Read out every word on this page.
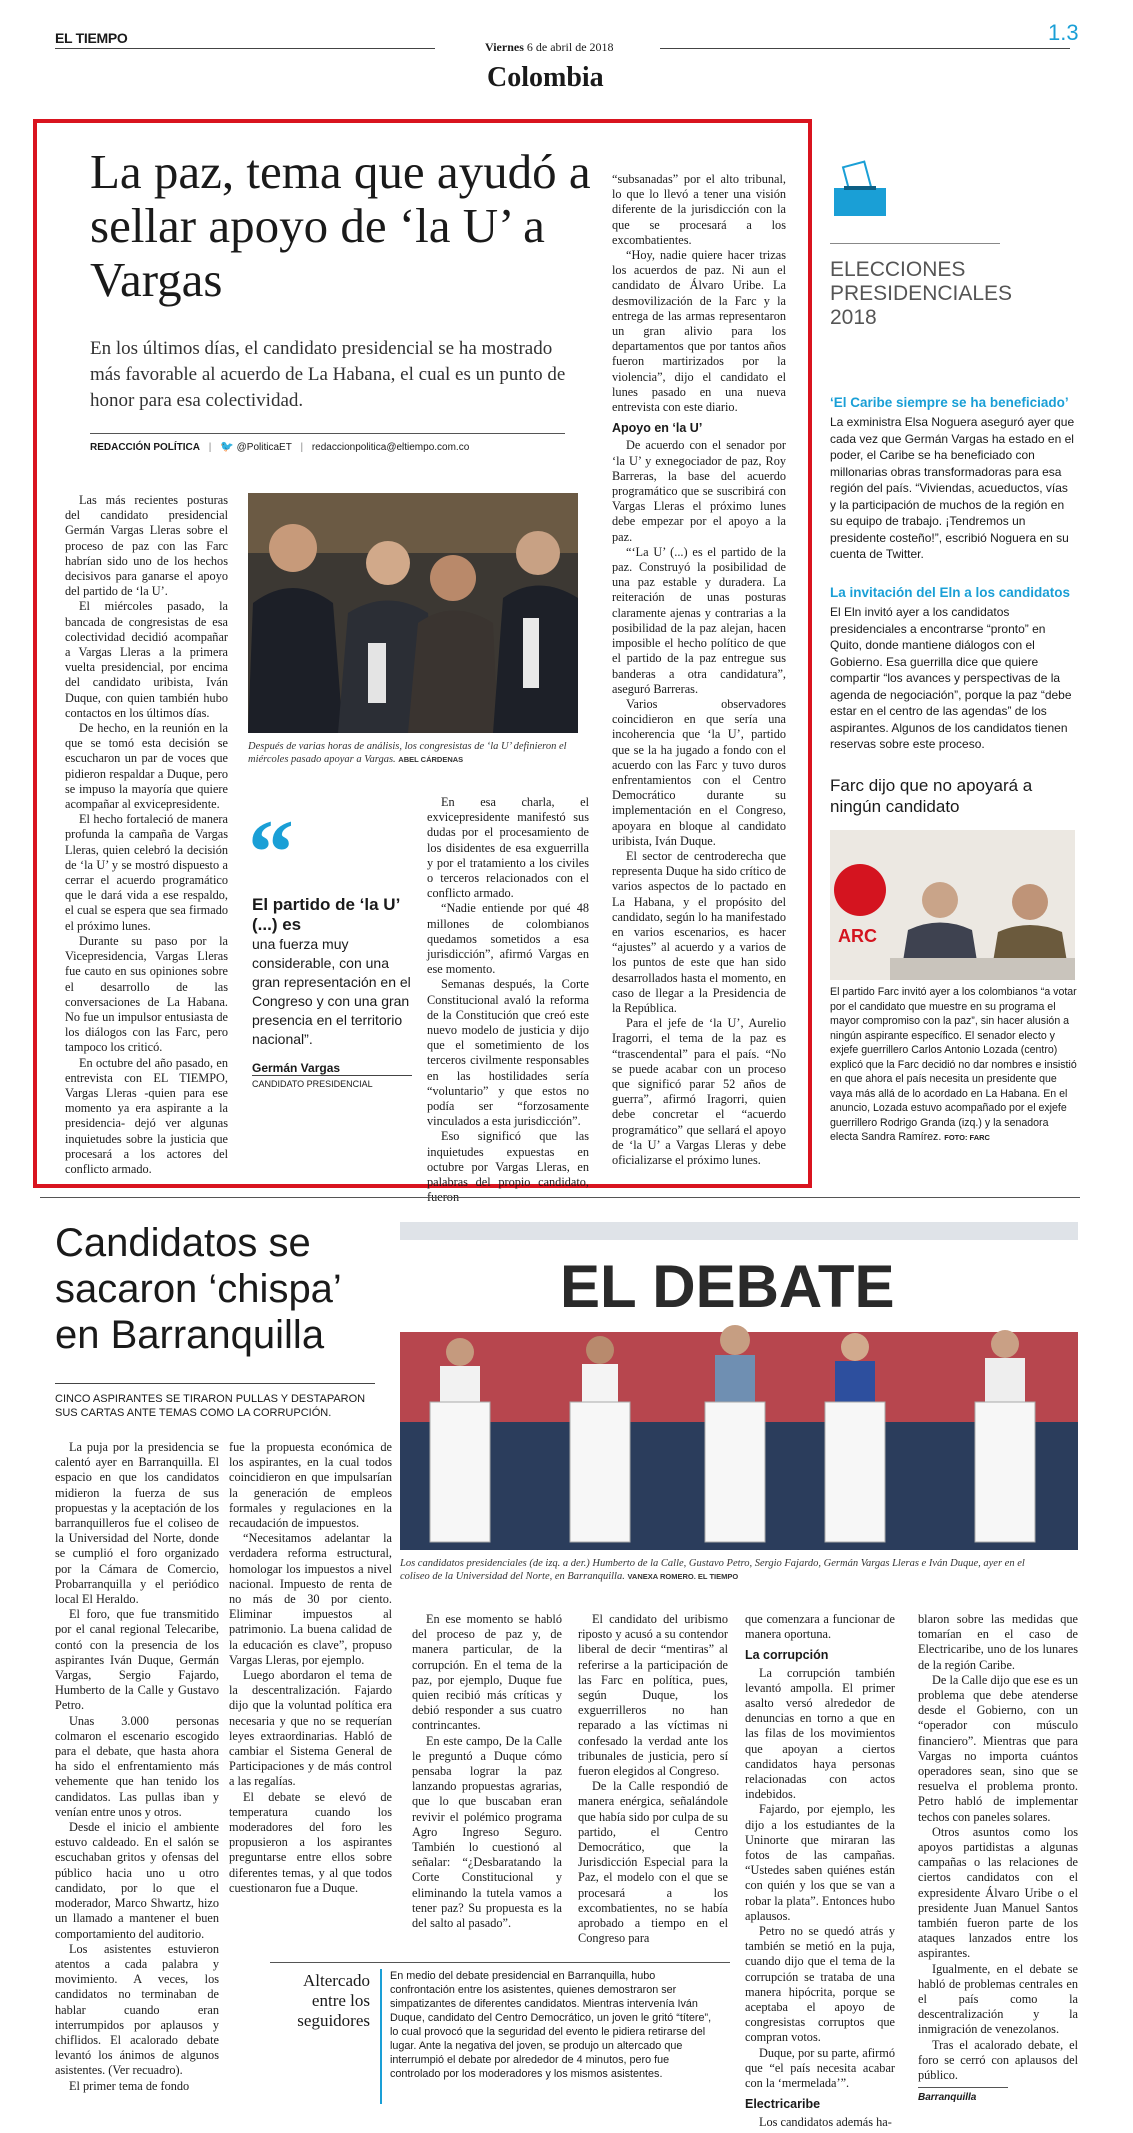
EL TIEMPO
Viernes 6 de abril de 2018
1.3
Colombia
La paz, tema que ayudó a sellar apoyo de ‘la U’ a Vargas

En los últimos días, el candidato presidencial se ha mostrado más favorable al acuerdo de La Habana, el cual es un punto de honor para esa colectividad.

REDACCIÓN POLÍTICA | 🐦 @PoliticaET | redaccionpolitica@eltiempo.com.co

Las más recientes posturas del candidato presidencial Germán Vargas Lleras sobre el proceso de paz con las Farc habrían sido uno de los hechos decisivos para ganarse el apoyo del partido de ‘la U’.

El miércoles pasado, la bancada de congresistas de esa colectividad decidió acompañar a Vargas Lleras a la primera vuelta presidencial, por encima del candidato uribista, Iván Duque, con quien también hubo contactos en los últimos días.

De hecho, en la reunión en la que se tomó esta decisión se escucharon un par de voces que pidieron respaldar a Duque, pero se impuso la mayoría que quiere acompañar al exvicepresidente.

El hecho fortaleció de manera profunda la campaña de Vargas Lleras, quien celebró la decisión de ‘la U’ y se mostró dispuesto a cerrar el acuerdo programático que le dará vida a ese respaldo, el cual se espera que sea firmado el próximo lunes.

Durante su paso por la Vicepresidencia, Vargas Lleras fue cauto en sus opiniones sobre el desarrollo de las conversaciones de La Habana. No fue un impulsor entusiasta de los diálogos con las Farc, pero tampoco los criticó.

En octubre del año pasado, en entrevista con EL TIEMPO, Vargas Lleras -quien para ese momento ya era aspirante a la presidencia- dejó ver algunas inquietudes sobre la justicia que procesará a los actores del conflicto armado.

Después de varias horas de análisis, los congresistas de ‘la U’ definieron el miércoles pasado apoyar a Vargas. ABEL CÁRDENAS
“
El partido de ‘la U’ (...) es
una fuerza muy considerable, con una gran representación en el Congreso y con una gran presencia en el territorio nacional”.
Germán Vargas
CANDIDATO PRESIDENCIAL

En esa charla, el exvicepresidente manifestó sus dudas por el procesamiento de los disidentes de esa exguerrilla y por el tratamiento a los civiles o terceros relacionados con el conflicto armado.

“Nadie entiende por qué 48 millones de colombianos quedamos sometidos a esa jurisdicción”, afirmó Vargas en ese momento.

Semanas después, la Corte Constitucional avaló la reforma de la Constitución que creó este nuevo modelo de justicia y dijo que el sometimiento de los terceros civilmente responsables en las hostilidades sería “voluntario” y que estos no podía ser “forzosamente vinculados a esta jurisdicción”.

Eso significó que las inquietudes expuestas en octubre por Vargas Lleras, en palabras del propio candidato, fueron

“subsanadas” por el alto tribunal, lo que lo llevó a tener una visión diferente de la jurisdicción con la que se procesará a los excombatientes.

“Hoy, nadie quiere hacer trizas los acuerdos de paz. Ni aun el candidato de Álvaro Uribe. La desmovilización de la Farc y la entrega de las armas representaron un gran alivio para los departamentos que por tantos años fueron martirizados por la violencia”, dijo el candidato el lunes pasado en una nueva entrevista con este diario.

Apoyo en ‘la U’

De acuerdo con el senador por ‘la U’ y exnegociador de paz, Roy Barreras, la base del acuerdo programático que se suscribirá con Vargas Lleras el próximo lunes debe empezar por el apoyo a la paz.

“‘La U’ (...) es el partido de la paz. Construyó la posibilidad de una paz estable y duradera. La reiteración de unas posturas claramente ajenas y contrarias a la posibilidad de la paz alejan, hacen imposible el hecho político de que el partido de la paz entregue sus banderas a otra candidatura”, aseguró Barreras.

Varios observadores coincidieron en que sería una incoherencia que ‘la U’, partido que se la ha jugado a fondo con el acuerdo con las Farc y tuvo duros enfrentamientos con el Centro Democrático durante su implementación en el Congreso, apoyara en bloque al candidato uribista, Iván Duque.

El sector de centroderecha que representa Duque ha sido crítico de varios aspectos de lo pactado en La Habana, y el propósito del candidato, según lo ha manifestado en varios escenarios, es hacer “ajustes” al acuerdo y a varios de los puntos de este que han sido desarrollados hasta el momento, en caso de llegar a la Presidencia de la República.

Para el jefe de ‘la U’, Aurelio Iragorri, el tema de la paz es “trascendental” para el país. “No se puede acabar con un proceso que significó parar 52 años de guerra”, afirmó Iragorri, quien debe concretar el “acuerdo programático” que sellará el apoyo de ‘la U’ a Vargas Lleras y debe oficializarse el próximo lunes.

ELECCIONES
PRESIDENCIALES
2018
‘El Caribe siempre se ha beneficiado’
La exministra Elsa Noguera aseguró ayer que cada vez que Germán Vargas ha estado en el poder, el Caribe se ha beneficiado con millonarias obras transformadoras para esa región del país. “Viviendas, acueductos, vías y la participación de muchos de la región en su equipo de trabajo. ¡Tendremos un presidente costeño!”, escribió Noguera en su cuenta de Twitter.
La invitación del Eln a los candidatos
El Eln invitó ayer a los candidatos presidenciales a encontrarse “pronto” en Quito, donde mantiene diálogos con el Gobierno. Esa guerrilla dice que quiere compartir “los avances y perspectivas de la agenda de negociación”, porque la paz “debe estar en el centro de las agendas” de los aspirantes. Algunos de los candidatos tienen reservas sobre este proceso.
Farc dijo que no apoyará a ningún candidato
ARC
El partido Farc invitó ayer a los colombianos “a votar por el candidato que muestre en su programa el mayor compromiso con la paz”, sin hacer alusión a ningún aspirante específico. El senador electo y exjefe guerrillero Carlos Antonio Lozada (centro) explicó que la Farc decidió no dar nombres e insistió en que ahora el país necesita un presidente que vaya más allá de lo acordado en La Habana. En el anuncio, Lozada estuvo acompañado por el exjefe guerrillero Rodrigo Granda (izq.) y la senadora electa Sandra Ramírez. FOTO: FARC
Candidatos se sacaron ‘chispa’ en Barranquilla

CINCO ASPIRANTES SE TIRARON PULLAS Y DESTAPARON SUS CARTAS ANTE TEMAS COMO LA CORRUPCIÓN.

EL DEBATE
Los candidatos presidenciales (de izq. a der.) Humberto de la Calle, Gustavo Petro, Sergio Fajardo, Germán Vargas Lleras e Iván Duque, ayer en el coliseo de la Universidad del Norte, en Barranquilla. VANEXA ROMERO. EL TIEMPO

La puja por la presidencia se calentó ayer en Barranquilla. El espacio en que los candidatos midieron la fuerza de sus propuestas y la aceptación de los barranquilleros fue el coliseo de la Universidad del Norte, donde se cumplió el foro organizado por la Cámara de Comercio, Probarranquilla y el periódico local El Heraldo.

El foro, que fue transmitido por el canal regional Telecaribe, contó con la presencia de los aspirantes Iván Duque, Germán Vargas, Sergio Fajardo, Humberto de la Calle y Gustavo Petro.

Unas 3.000 personas colmaron el escenario escogido para el debate, que hasta ahora ha sido el enfrentamiento más vehemente que han tenido los candidatos. Las pullas iban y venían entre unos y otros.

Desde el inicio el ambiente estuvo caldeado. En el salón se escuchaban gritos y ofensas del público hacia uno u otro candidato, por lo que el moderador, Marco Shwartz, hizo un llamado a mantener el buen comportamiento del auditorio.

Los asistentes estuvieron atentos a cada palabra y movimiento. A veces, los candidatos no terminaban de hablar cuando eran interrumpidos por aplausos y chiflidos. El acalorado debate levantó los ánimos de algunos asistentes. (Ver recuadro).

El primer tema de fondo

fue la propuesta económica de los aspirantes, en la cual todos coincidieron en que impulsarían la generación de empleos formales y regulaciones en la recaudación de impuestos.

“Necesitamos adelantar la verdadera reforma estructural, homologar los impuestos a nivel nacional. Impuesto de renta de no más de 30 por ciento. Eliminar impuestos al patrimonio. La buena calidad de la educación es clave”, propuso Vargas Lleras, por ejemplo.

Luego abordaron el tema de la descentralización. Fajardo dijo que la voluntad política era necesaria y que no se requerían leyes extraordinarias. Habló de cambiar el Sistema General de Participaciones y de más control a las regalías.

El debate se elevó de temperatura cuando los moderadores del foro les propusieron a los aspirantes preguntarse entre ellos sobre diferentes temas, y al que todos cuestionaron fue a Duque.

En ese momento se habló del proceso de paz y, de manera particular, de la corrupción. En el tema de la paz, por ejemplo, Duque fue quien recibió más críticas y debió responder a sus cuatro contrincantes.

En este campo, De la Calle le preguntó a Duque cómo pensaba lograr la paz lanzando propuestas agrarias, que lo que buscaban eran revivir el polémico programa Agro Ingreso Seguro. También lo cuestionó al señalar: “¿Desbaratando la Corte Constitucional y eliminando la tutela vamos a tener paz? Su propuesta es la del salto al pasado”.

El candidato del uribismo riposto y acusó a su contendor liberal de decir “mentiras” al referirse a la participación de las Farc en política, pues, según Duque, los exguerrilleros no han reparado a las víctimas ni confesado la verdad ante los tribunales de justicia, pero sí fueron elegidos al Congreso.

De la Calle respondió de manera enérgica, señalándole que había sido por culpa de su partido, el Centro Democrático, que la Jurisdicción Especial para la Paz, el modelo con el que se procesará a los excombatientes, no se había aprobado a tiempo en el Congreso para

que comenzara a funcionar de manera oportuna.

La corrupción

La corrupción también levantó ampolla. El primer asalto versó alrededor de denuncias en torno a que en las filas de los movimientos que apoyan a ciertos candidatos haya personas relacionadas con actos indebidos.

Fajardo, por ejemplo, les dijo a los estudiantes de la Uninorte que miraran las fotos de las campañas. “Ustedes saben quiénes están con quién y los que se van a robar la plata”. Entonces hubo aplausos.

Petro no se quedó atrás y también se metió en la puja, cuando dijo que el tema de la corrupción se trataba de una manera hipócrita, porque se aceptaba el apoyo de congresistas corruptos que compran votos.

Duque, por su parte, afirmó que “el país necesita acabar con la ‘mermelada’”.

Electricaribe

Los candidatos además ha-

blaron sobre las medidas que tomarían en el caso de Electricaribe, uno de los lunares de la región Caribe.

De la Calle dijo que ese es un problema que debe atenderse desde el Gobierno, con un “operador con músculo financiero”. Mientras que para Vargas no importa cuántos operadores sean, sino que se resuelva el problema pronto. Petro habló de implementar techos con paneles solares.

Otros asuntos como los apoyos partidistas a algunas campañas o las relaciones de ciertos candidatos con el expresidente Álvaro Uribe o el presidente Juan Manuel Santos también fueron parte de los ataques lanzados entre los aspirantes.

Igualmente, en el debate se habló de problemas centrales en el país como la descentralización y la inmigración de venezolanos.

Tras el acalorado debate, el foro se cerró con aplausos del público.

Barranquilla
Altercado entre los seguidores
En medio del debate presidencial en Barranquilla, hubo confrontación entre los asistentes, quienes demostraron ser simpatizantes de diferentes candidatos. Mientras intervenía Iván Duque, candidato del Centro Democrático, un joven le gritó “títere”, lo cual provocó que la seguridad del evento le pidiera retirarse del lugar. Ante la negativa del joven, se produjo un altercado que interrumpió el debate por alrededor de 4 minutos, pero fue controlado por los moderadores y los mismos asistentes.
